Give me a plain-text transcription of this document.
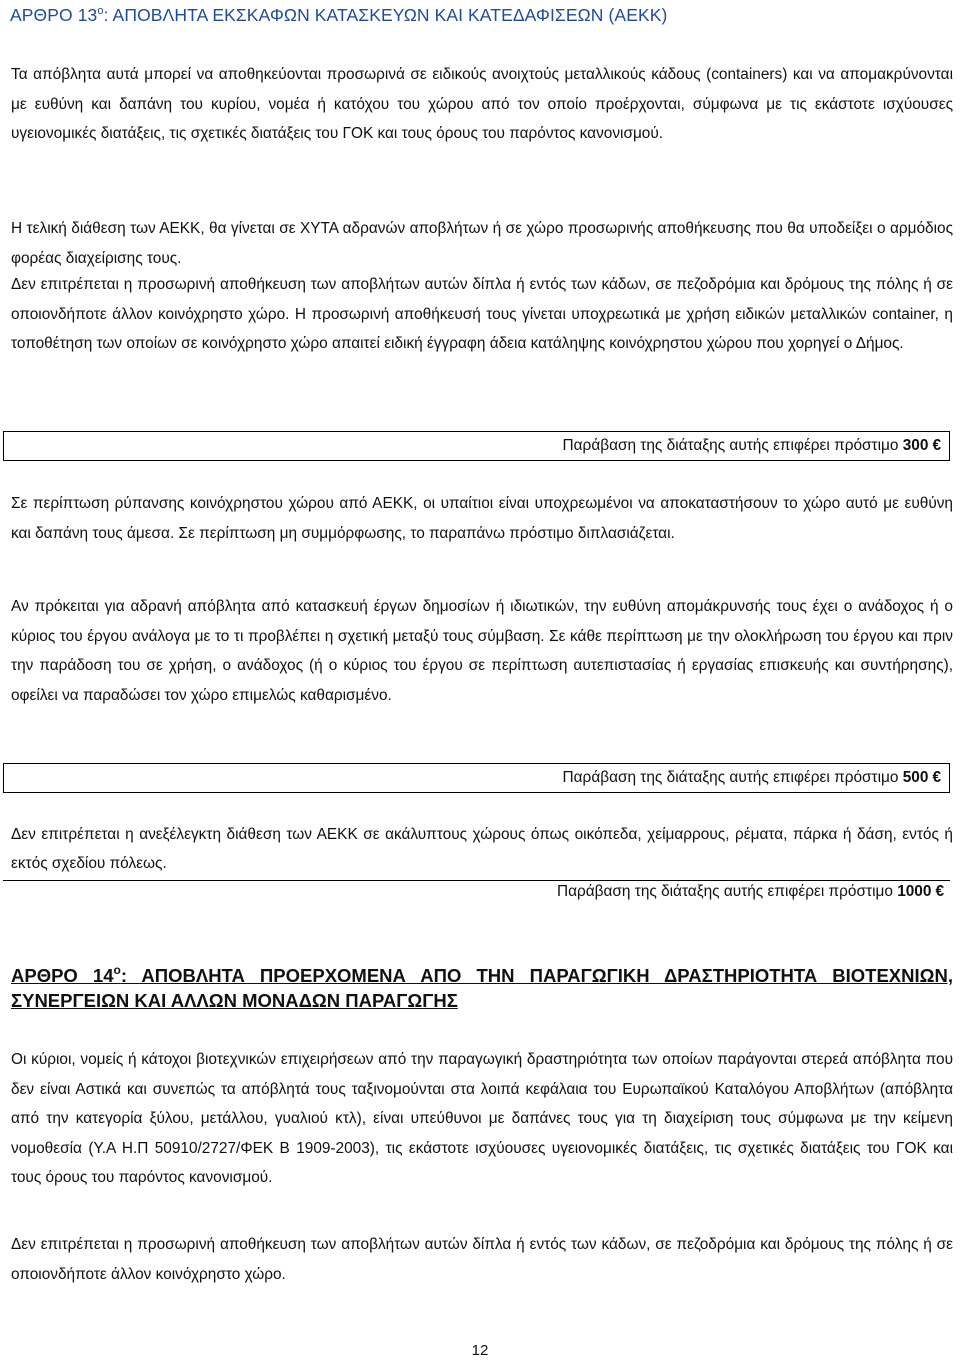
ΑΡΘΡΟ $13^o$: ΑΠΟΒΛΗΤΑ ΕΚΣΚΑΦΩΝ ΚΑΤΑΣΚΕΥΩΝ ΚΑΙ ΚΑΤΕΔΑΦΙΣΕΩΝ (ΑΕΚΚ)

Τα απόβλητα αυτά μπορεί να αποθηκεύονται προσωρινά σε ειδικούς ανοιχτούς μεταλλικούς κάδους (containers) και να απομακρύνονται με ευθύνη και δαπάνη του κυρίου, νομέα ή κατόχου του χώρου από τον οποίο προέρχονται, σύμφωνα με τις εκάστοτε ισχύουσες υγειονομικές διατάξεις, τις σχετικές διατάξεις του ΓΟΚ και τους όρους του παρόντος κανονισμού.

Η τελική διάθεση των ΑΕΚΚ, θα γίνεται σε ΧΥΤΑ αδρανών αποβλήτων ή σε χώρο προσωρινής αποθήκευσης που θα υποδείξει ο αρμόδιος φορέας διαχείρισης τους.

Δεν επιτρέπεται η προσωρινή αποθήκευση των αποβλήτων αυτών δίπλα ή εντός των κάδων, σε πεζοδρόμια και δρόμους της πόλης ή σε οποιονδήποτε άλλον κοινόχρηστο χώρο. Η προσωρινή αποθήκευσή τους γίνεται υποχρεωτικά με χρήση ειδικών μεταλλικών container, η τοποθέτηση των οποίων σε κοινόχρηστο χώρο απαιτεί ειδική έγγραφη άδεια κατάληψης κοινόχρηστου χώρου που χορηγεί ο Δήμος.

Παράβαση της διάταξης αυτής επιφέρει πρόστιμο 300 €

Σε περίπτωση ρύπανσης κοινόχρηστου χώρου από ΑΕΚΚ, οι υπαίτιοι είναι υποχρεωμένοι να αποκαταστήσουν το χώρο αυτό με ευθύνη και δαπάνη τους άμεσα. Σε περίπτωση μη συμμόρφωσης, το παραπάνω πρόστιμο διπλασιάζεται.

Αν πρόκειται για αδρανή απόβλητα από κατασκευή έργων δημοσίων ή ιδιωτικών, την ευθύνη απομάκρυνσής τους έχει ο ανάδοχος ή ο κύριος του έργου ανάλογα με το τι προβλέπει η σχετική μεταξύ τους σύμβαση. Σε κάθε περίπτωση με την ολοκλήρωση του έργου και πριν την παράδοση του σε χρήση, ο ανάδοχος (ή ο κύριος του έργου σε περίπτωση αυτεπιστασίας ή εργασίας επισκευής και συντήρησης), οφείλει να παραδώσει τον χώρο επιμελώς καθαρισμένο.

Παράβαση της διάταξης αυτής επιφέρει πρόστιμο 500 €

Δεν επιτρέπεται η ανεξέλεγκτη διάθεση των ΑΕΚΚ σε ακάλυπτους χώρους όπως οικόπεδα, χείμαρρους, ρέματα, πάρκα ή δάση, εντός ή εκτός σχεδίου πόλεως.

Παράβαση της διάταξης αυτής επιφέρει πρόστιμο 1000 €
ΑΡΘΡΟ $14^o$: ΑΠΟΒΛΗΤΑ ΠΡΟΕΡΧΟΜΕΝΑ ΑΠΟ ΤΗΝ ΠΑΡΑΓΩΓΙΚΗ ΔΡΑΣΤΗΡΙΟΤΗΤΑ ΒΙΟΤΕΧΝΙΩΝ, ΣΥΝΕΡΓΕΙΩΝ ΚΑΙ ΑΛΛΩΝ ΜΟΝΑΔΩΝ ΠΑΡΑΓΩΓΗΣ

Οι κύριοι, νομείς ή κάτοχοι βιοτεχνικών επιχειρήσεων από την παραγωγική δραστηριότητα των οποίων παράγονται στερεά απόβλητα που δεν είναι Αστικά και συνεπώς τα απόβλητά τους ταξινομούνται στα λοιπά κεφάλαια του Ευρωπαϊκού Καταλόγου Αποβλήτων (απόβλητα από την κατεγορία ξύλου, μετάλλου, γυαλιού κτλ), είναι υπεύθυνοι με δαπάνες τους για τη διαχείριση τους σύμφωνα με την κείμενη νομοθεσία (Υ.Α Η.Π 50910/2727/ΦΕΚ Β 1909-2003), τις εκάστοτε ισχύουσες υγειονομικές διατάξεις, τις σχετικές διατάξεις του ΓΟΚ και τους όρους του παρόντος κανονισμού.

Δεν επιτρέπεται η προσωρινή αποθήκευση των αποβλήτων αυτών δίπλα ή εντός των κάδων, σε πεζοδρόμια και δρόμους της πόλης ή σε οποιονδήποτε άλλον κοινόχρηστο χώρο.

12
